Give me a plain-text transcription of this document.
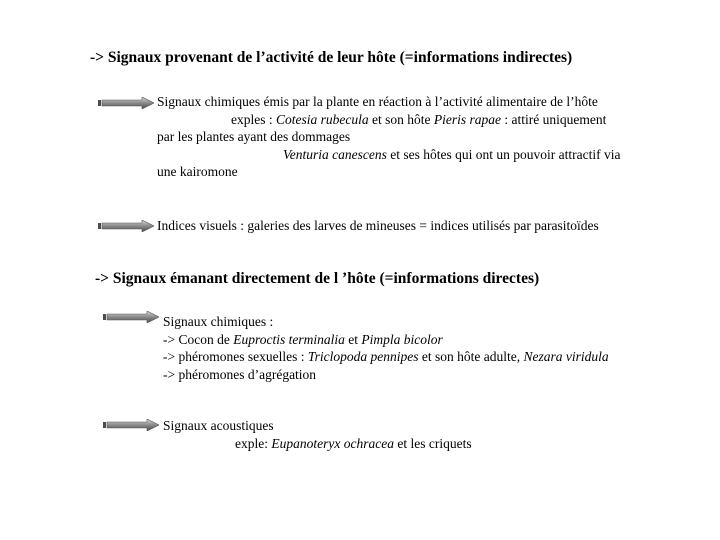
-> Signaux provenant de l’activité de leur hôte (=informations indirectes)
Signaux chimiques émis par la plante en réaction à l’activité alimentaire de l’hôte
exples : Cotesia rubecula et son hôte Pieris rapae : attiré uniquement
par les plantes ayant des dommages
Venturia canescens et ses hôtes qui ont un pouvoir attractif via
une kairomone
Indices visuels : galeries des larves de mineuses = indices utilisés par parasitoïdes
-> Signaux émanant directement de l ’hôte (=informations directes)
Signaux chimiques :
-> Cocon de Euproctis terminalia et Pimpla bicolor
-> phéromones sexuelles : Triclopoda pennipes et son hôte adulte, Nezara viridula
-> phéromones d’agrégation
Signaux acoustiques
exple: Eupanoteryx ochracea et les criquets
